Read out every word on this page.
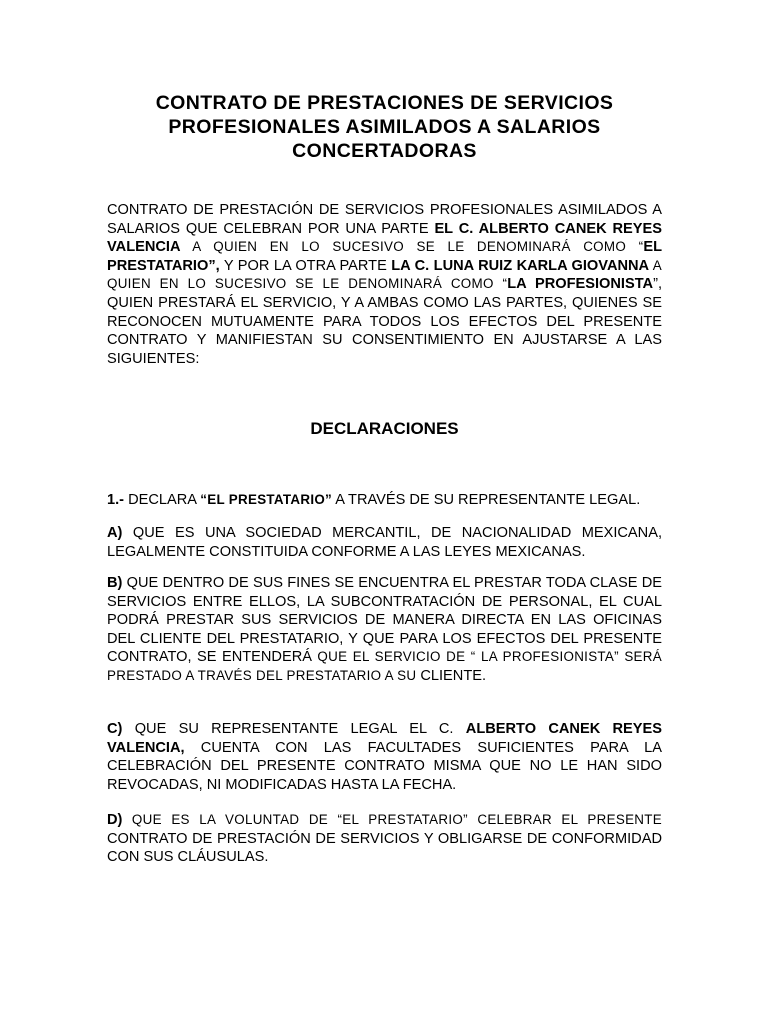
CONTRATO DE PRESTACIONES DE SERVICIOS
PROFESIONALES ASIMILADOS A SALARIOS
CONCERTADORAS

CONTRATO DE PRESTACIÓN DE SERVICIOS PROFESIONALES ASIMILADOS A SALARIOS QUE CELEBRAN POR UNA PARTE EL C. ALBERTO CANEK REYES VALENCIA A QUIEN EN LO SUCESIVO SE LE DENOMINARÁ COMO “EL PRESTATARIO”, Y POR LA OTRA PARTE LA C. LUNA RUIZ KARLA GIOVANNA A QUIEN EN LO SUCESIVO SE LE DENOMINARÁ COMO “LA PROFESIONISTA”, QUIEN PRESTARÁ EL SERVICIO, Y A AMBAS COMO LAS PARTES, QUIENES SE RECONOCEN MUTUAMENTE PARA TODOS LOS EFECTOS DEL PRESENTE CONTRATO Y MANIFIESTAN SU CONSENTIMIENTO EN AJUSTARSE A LAS SIGUIENTES:

DECLARACIONES

1.- DECLARA “EL PRESTATARIO” A TRAVÉS DE SU REPRESENTANTE LEGAL.

A) QUE ES UNA SOCIEDAD MERCANTIL, DE NACIONALIDAD MEXICANA, LEGALMENTE CONSTITUIDA CONFORME A LAS LEYES MEXICANAS.

B) QUE DENTRO DE SUS FINES SE ENCUENTRA EL PRESTAR TODA CLASE DE SERVICIOS ENTRE ELLOS, LA SUBCONTRATACIÓN DE PERSONAL, EL CUAL PODRÁ PRESTAR SUS SERVICIOS DE MANERA DIRECTA EN LAS OFICINAS DEL CLIENTE DEL PRESTATARIO, Y QUE PARA LOS EFECTOS DEL PRESENTE CONTRATO, SE ENTENDERÁ QUE EL SERVICIO DE “ LA PROFESIONISTA” SERÁ PRESTADO A TRAVÉS DEL PRESTATARIO A SU CLIENTE.

C) QUE SU REPRESENTANTE LEGAL EL C. ALBERTO CANEK REYES VALENCIA, CUENTA CON LAS FACULTADES SUFICIENTES PARA LA CELEBRACIÓN DEL PRESENTE CONTRATO MISMA QUE NO LE HAN SIDO REVOCADAS, NI MODIFICADAS HASTA LA FECHA.

D) QUE ES LA VOLUNTAD DE “EL PRESTATARIO” CELEBRAR EL PRESENTE CONTRATO DE PRESTACIÓN DE SERVICIOS Y OBLIGARSE DE CONFORMIDAD CON SUS CLÁUSULAS.
